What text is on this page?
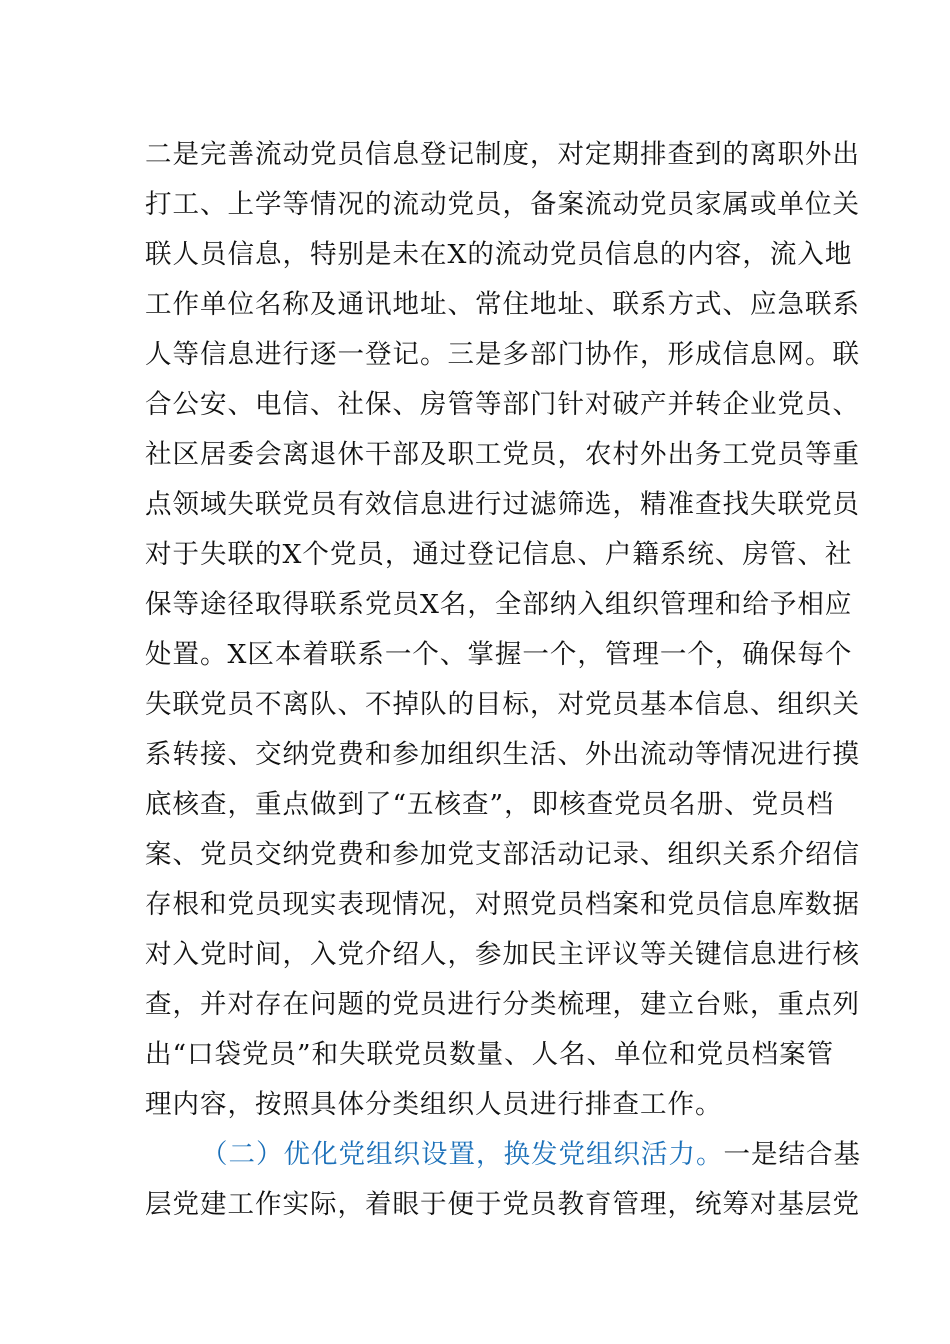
二是完善流动党员信息登记制度，对定期排查到的离职外出
打工、上学等情况的流动党员，备案流动党员家属或单位关
联人员信息，特别是未在X的流动党员信息的内容，流入地
工作单位名称及通讯地址、常住地址、联系方式、应急联系
人等信息进行逐一登记。三是多部门协作，形成信息网。联
合公安、电信、社保、房管等部门针对破产并转企业党员、
社区居委会离退休干部及职工党员，农村外出务工党员等重
点领域失联党员有效信息进行过滤筛选，精准查找失联党员
对于失联的X个党员，通过登记信息、户籍系统、房管、社
保等途径取得联系党员X名，全部纳入组织管理和给予相应
处置。X区本着联系一个、掌握一个，管理一个，确保每个
失联党员不离队、不掉队的目标，对党员基本信息、组织关
系转接、交纳党费和参加组织生活、外出流动等情况进行摸
底核查，重点做到了“五核查”，即核查党员名册、党员档
案、党员交纳党费和参加党支部活动记录、组织关系介绍信
存根和党员现实表现情况，对照党员档案和党员信息库数据
对入党时间，入党介绍人，参加民主评议等关键信息进行核
查，并对存在问题的党员进行分类梳理，建立台账，重点列
出“口袋党员”和失联党员数量、人名、单位和党员档案管
理内容，按照具体分类组织人员进行排查工作。
（二）优化党组织设置，换发党组织活力。一是结合基
层党建工作实际，着眼于便于党员教育管理，统筹对基层党
